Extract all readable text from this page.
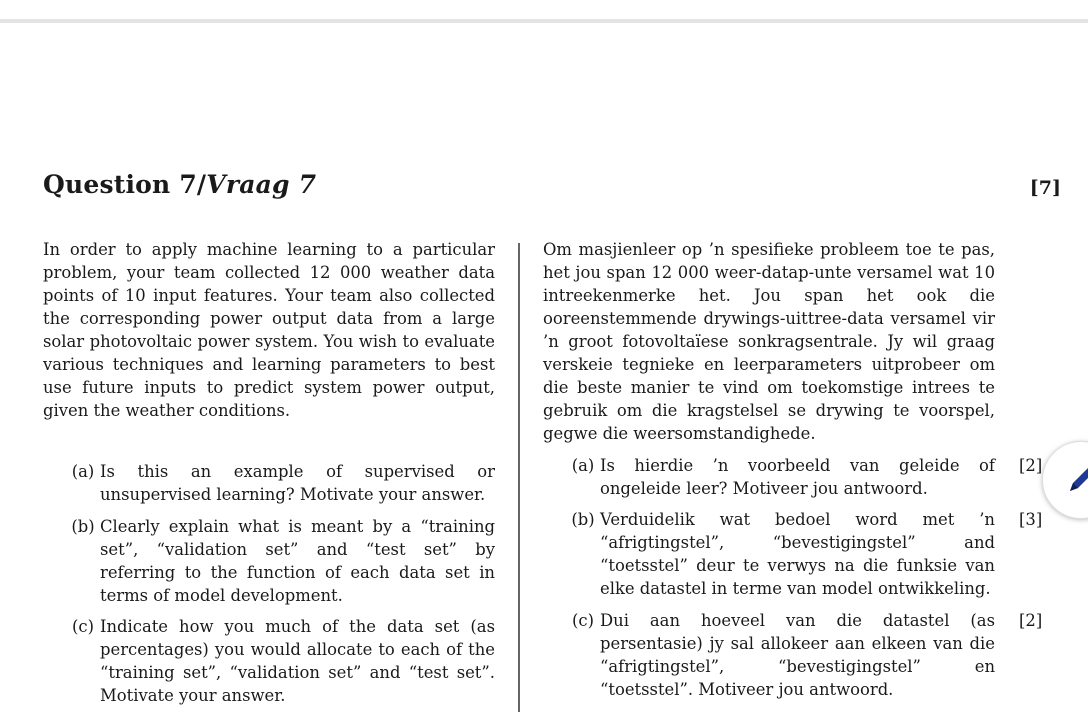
Question 7/Vraag 7	[7]

In order to apply machine learning to a particular problem, your team collected 12 000 weather data points of 10 input features. Your team also collected the corresponding power output data from a large solar photovoltaic power system. You wish to evaluate various techniques and learning parameters to best use future inputs to predict system power output, given the weather conditions.

(a) Is this an example of supervised or unsupervised learning? Motivate your answer.
(b) Clearly explain what is meant by a “training set”, “validation set” and “test set” by referring to the function of each data set in terms of model development.
(c) Indicate how you much of the data set (as percentages) you would allocate to each of the “training set”, “validation set” and “test set”. Motivate your answer.

Om masjienleer op ’n spesifieke probleem toe te pas, het jou span 12 000 weer-datap-unte versamel wat 10 intreekenmerke het. Jou span het ook die ooreenstemmende drywings-uittree-data versamel vir ’n groot fotovoltaïese sonkragsentrale. Jy wil graag verskeie tegnieke en leerparameters uitprobeer om die beste manier te vind om toekomstige intrees te gebruik om die kragstelsel se drywing te voorspel, gegwe die weersomstandighede.

(a) Is hierdie ’n voorbeeld van geleide of ongeleide leer? Motiveer jou antwoord.
[2]
(b) Verduidelik wat bedoel word met ’n “afrigtingstel”, “bevestigingstel” and “toetsstel” deur te verwys na die funksie van elke datastel in terme van model ontwikkeling.
[3]
(c) Dui aan hoeveel van die datastel (as persentasie) jy sal allokeer aan elkeen van die “afrigtingstel”, “bevestigingstel” en “toetsstel”. Motiveer jou antwoord.
[2]
